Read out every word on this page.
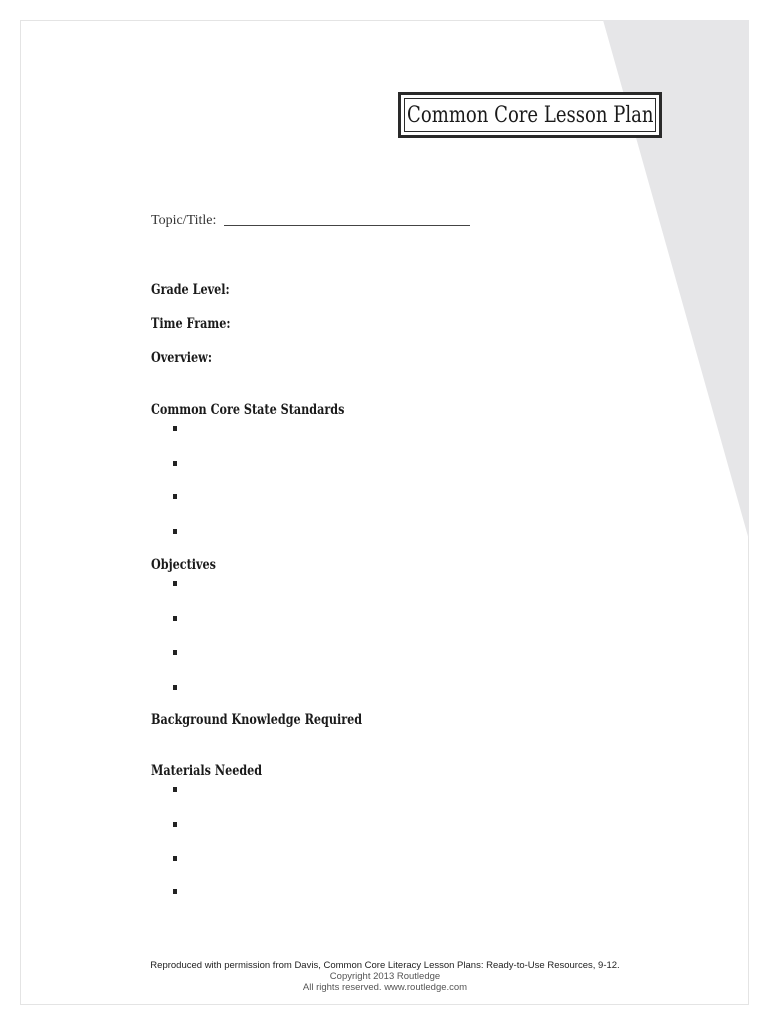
Common Core Lesson Plan
Topic/Title:
Grade Level:
Time Frame:
Overview:
Common Core State Standards
Objectives
Background Knowledge Required
Materials Needed
Reproduced with permission from Davis, Common Core Literacy Lesson Plans: Ready-to-Use Resources, 9-12.
Copyright 2013 Routledge
All rights reserved. www.routledge.com
